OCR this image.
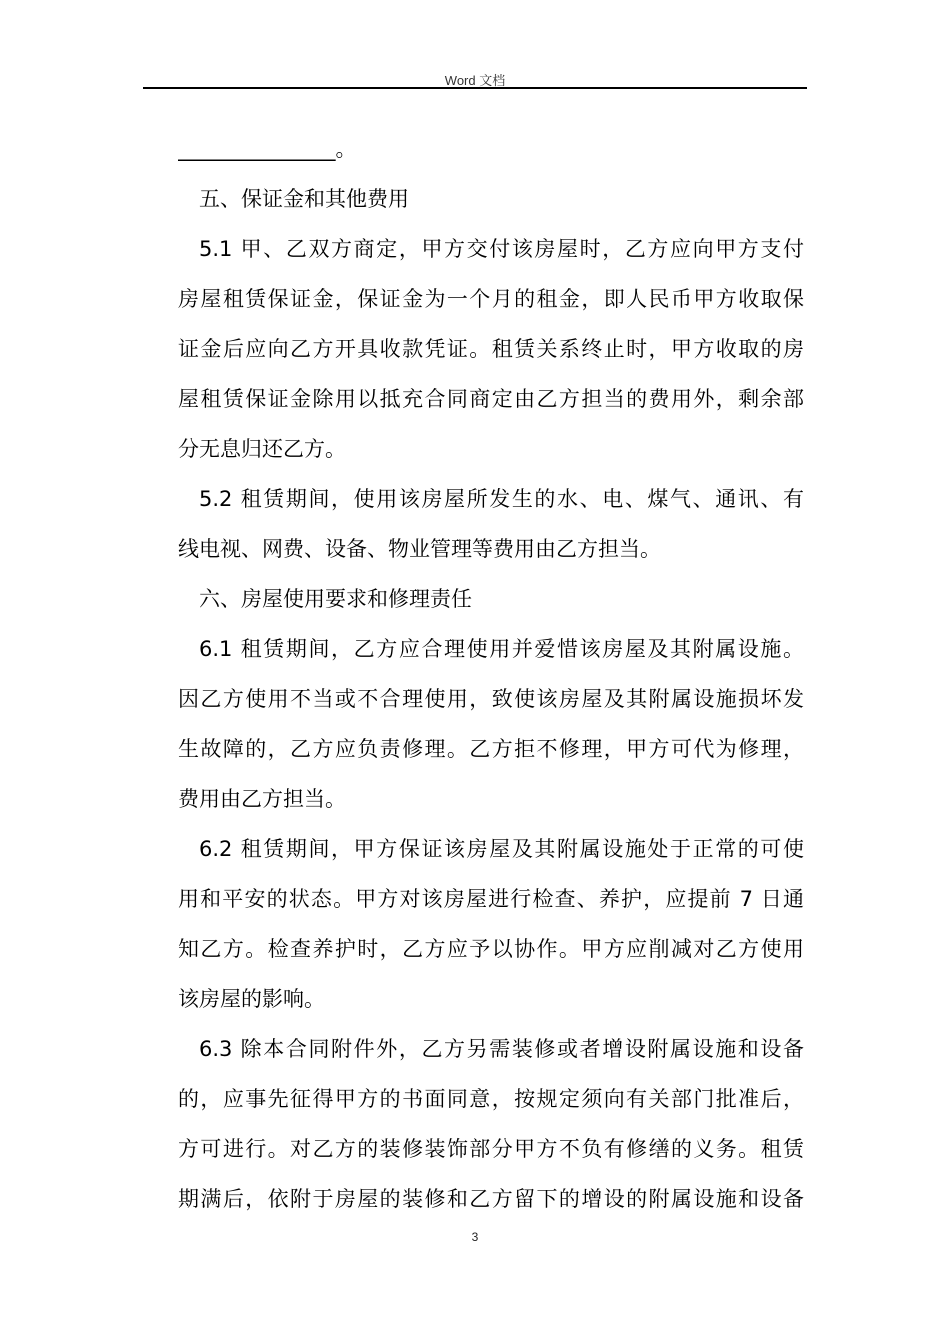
Word 文档
_______________。
五、保证金和其他费用
5.1 甲、乙双方商定，甲方交付该房屋时，乙方应向甲方支付
房屋租赁保证金，保证金为一个月的租金，即人民币甲方收取保
证金后应向乙方开具收款凭证。租赁关系终止时，甲方收取的房
屋租赁保证金除用以抵充合同商定由乙方担当的费用外，剩余部
分无息归还乙方。
5.2 租赁期间，使用该房屋所发生的水、电、煤气、通讯、有
线电视、网费、设备、物业管理等费用由乙方担当。
六、房屋使用要求和修理责任
6.1 租赁期间，乙方应合理使用并爱惜该房屋及其附属设施。
因乙方使用不当或不合理使用，致使该房屋及其附属设施损坏发
生故障的，乙方应负责修理。乙方拒不修理，甲方可代为修理，
费用由乙方担当。
6.2 租赁期间，甲方保证该房屋及其附属设施处于正常的可使
用和平安的状态。甲方对该房屋进行检查、养护，应提前 7 日通
知乙方。检查养护时，乙方应予以协作。甲方应削减对乙方使用
该房屋的影响。
6.3 除本合同附件外，乙方另需装修或者增设附属设施和设备
的，应事先征得甲方的书面同意，按规定须向有关部门批准后，
方可进行。对乙方的装修装饰部分甲方不负有修缮的义务。租赁
期满后，依附于房屋的装修和乙方留下的增设的附属设施和设备
3
